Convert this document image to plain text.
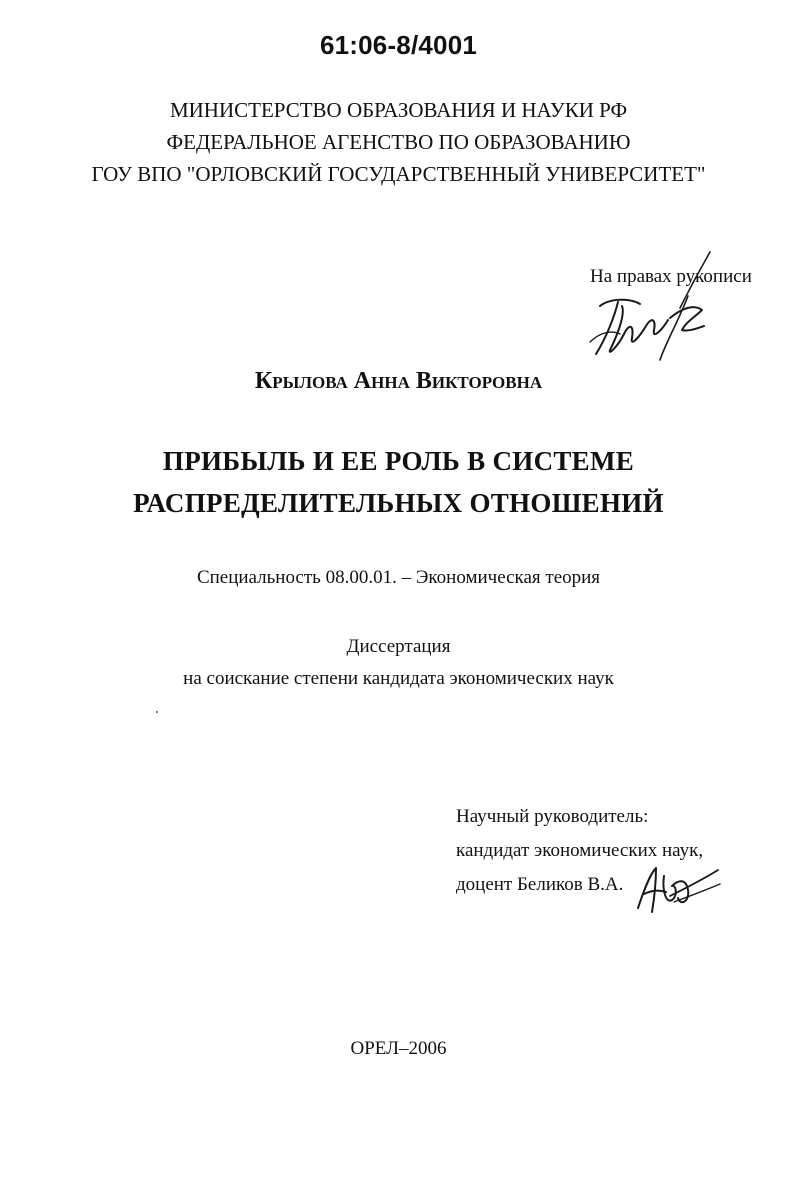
61:06-8/4001
МИНИСТЕРСТВО ОБРАЗОВАНИЯ И НАУКИ РФ
ФЕДЕРАЛЬНОЕ АГЕНСТВО ПО ОБРАЗОВАНИЮ
ГОУ ВПО "ОРЛОВСКИЙ ГОСУДАРСТВЕННЫЙ УНИВЕРСИТЕТ"
На правах рукописи
Крылова Анна Викторовна
ПРИБЫЛЬ И ЕЕ РОЛЬ В СИСТЕМЕ
РАСПРЕДЕЛИТЕЛЬНЫХ ОТНОШЕНИЙ
Специальность 08.00.01. – Экономическая теория
Диссертация
на соискание степени кандидата экономических наук
Научный руководитель:
кандидат экономических наук,
доцент Беликов В.А.
ОРЕЛ–2006
